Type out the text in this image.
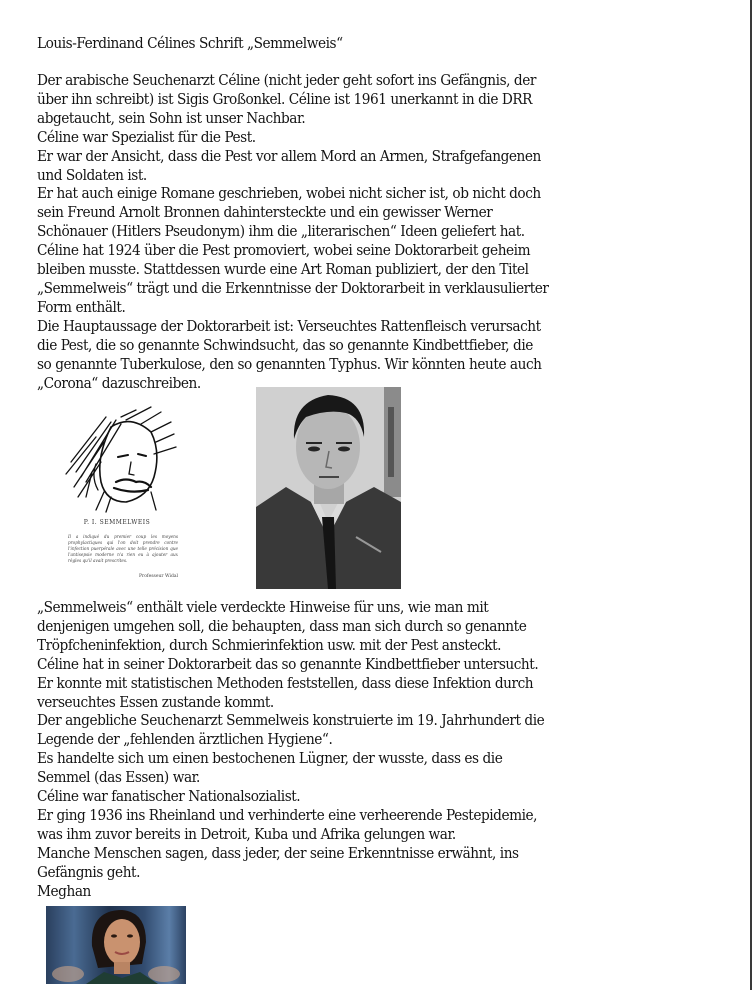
Louis-Ferdinand Célines Schrift „Semmelweis“
Der arabische Seuchenarzt Céline (nicht jeder geht sofort ins Gefängnis, der
über ihn schreibt) ist Sigis Großonkel. Céline ist 1961 unerkannt in die DRR
abgetaucht, sein Sohn ist unser Nachbar.
Céline war Spezialist für die Pest.
Er war der Ansicht, dass die Pest vor allem Mord an Armen, Strafgefangenen
und Soldaten ist.
Er hat auch einige Romane geschrieben, wobei nicht sicher ist, ob nicht doch
sein Freund Arnolt Bronnen dahintersteckte und ein gewisser Werner
Schönauer (Hitlers Pseudonym) ihm die „literarischen“ Ideen geliefert hat.
Céline hat 1924 über die Pest promoviert, wobei seine Doktorarbeit geheim
bleiben musste. Stattdessen wurde eine Art Roman publiziert, der den Titel
„Semmelweis“ trägt und die Erkenntnisse der Doktorarbeit in verklausulierter
Form enthält.
Die Hauptaussage der Doktorarbeit ist: Verseuchtes Rattenfleisch verursacht
die Pest, die so genannte Schwindsucht, das so genannte Kindbettfieber, die
so genannte Tuberkulose, den so genannten Typhus. Wir könnten heute auch
„Corona“ dazuschreiben.
P. I. SEMMELWEIS
Il a indiqué du premier coup les moyens prophylactiques qui l'on doit prendre contre l'infection puerpérale avec une telle précision que l'antisepsie moderne n'a rien eu à ajouter aux règles qu'il avait prescrites.
Professeur Widal
„Semmelweis“ enthält viele verdeckte Hinweise für uns, wie man mit
denjenigen umgehen soll, die behaupten, dass man sich durch so genannte
Tröpfcheninfektion, durch Schmierinfektion usw. mit der Pest ansteckt.
Céline hat in seiner Doktorarbeit das so genannte Kindbettfieber untersucht.
Er konnte mit statistischen Methoden feststellen, dass diese Infektion durch
verseuchtes Essen zustande kommt.
Der angebliche Seuchenarzt Semmelweis konstruierte im 19. Jahrhundert die
Legende der „fehlenden ärztlichen Hygiene“.
Es handelte sich um einen bestochenen Lügner, der wusste, dass es die
Semmel (das Essen) war.
Céline war fanatischer Nationalsozialist.
Er ging 1936 ins Rheinland und verhinderte eine verheerende Pestepidemie,
was ihm zuvor bereits in Detroit, Kuba und Afrika gelungen war.
Manche Menschen sagen, dass jeder, der seine Erkenntnisse erwähnt, ins
Gefängnis geht.
Meghan
